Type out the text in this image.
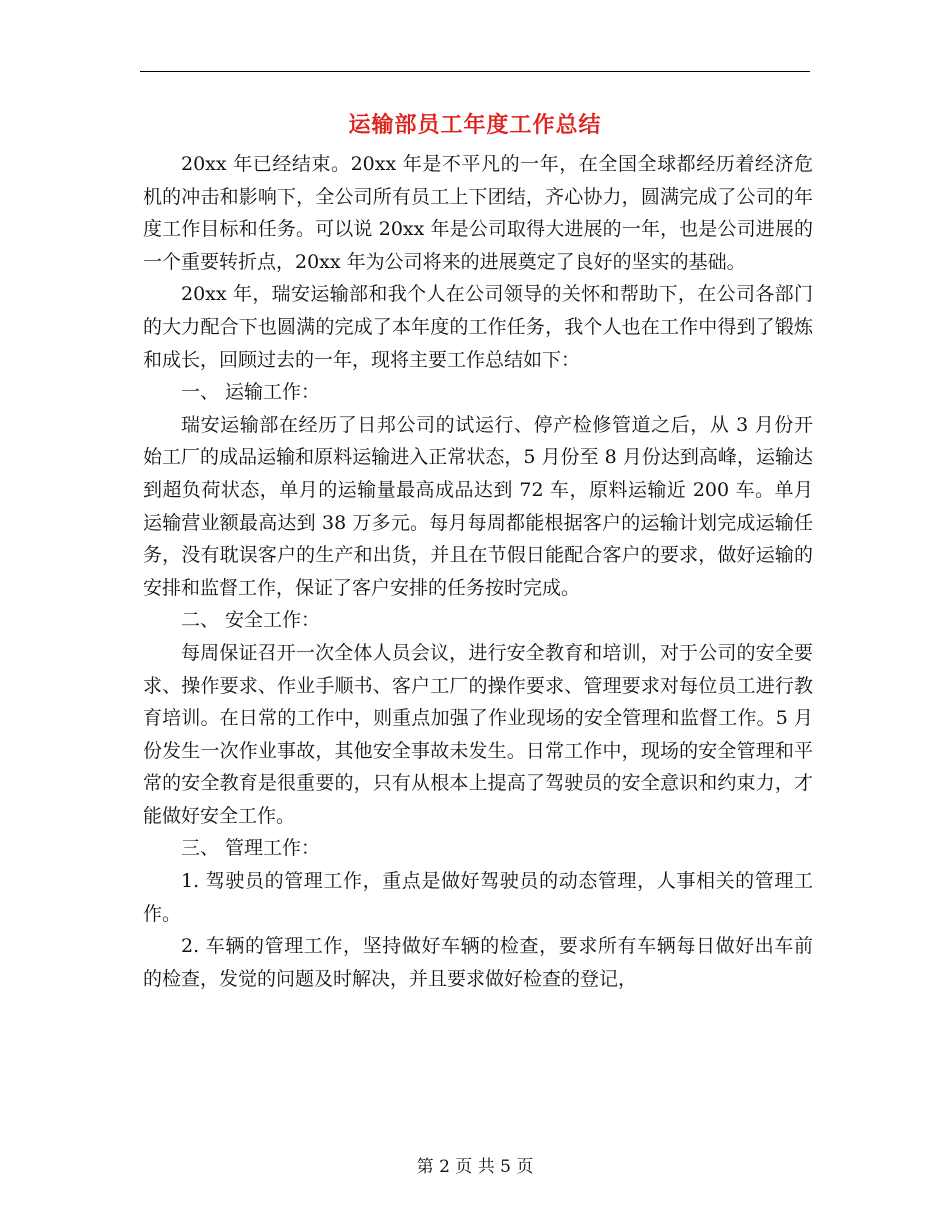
运输部员工年度工作总结

20xx 年已经结束。20xx 年是不平凡的一年，在全国全球都经历着经济危机的冲击和影响下，全公司所有员工上下团结，齐心协力，圆满完成了公司的年度工作目标和任务。可以说 20xx 年是公司取得大进展的一年，也是公司进展的一个重要转折点，20xx 年为公司将来的进展奠定了良好的坚实的基础。

20xx 年，瑞安运输部和我个人在公司领导的关怀和帮助下，在公司各部门的大力配合下也圆满的完成了本年度的工作任务，我个人也在工作中得到了锻炼和成长，回顾过去的一年，现将主要工作总结如下：

一、 运输工作：

瑞安运输部在经历了日邦公司的试运行、停产检修管道之后，从 3 月份开始工厂的成品运输和原料运输进入正常状态，5 月份至 8 月份达到高峰，运输达到超负荷状态，单月的运输量最高成品达到 72 车，原料运输近 200 车。单月运输营业额最高达到 38 万多元。每月每周都能根据客户的运输计划完成运输任务，没有耽误客户的生产和出货，并且在节假日能配合客户的要求，做好运输的安排和监督工作，保证了客户安排的任务按时完成。

二、 安全工作：

每周保证召开一次全体人员会议，进行安全教育和培训，对于公司的安全要求、操作要求、作业手顺书、客户工厂的操作要求、管理要求对每位员工进行教育培训。在日常的工作中，则重点加强了作业现场的安全管理和监督工作。5 月份发生一次作业事故，其他安全事故未发生。日常工作中，现场的安全管理和平常的安全教育是很重要的，只有从根本上提高了驾驶员的安全意识和约束力，才能做好安全工作。

三、 管理工作：

1. 驾驶员的管理工作，重点是做好驾驶员的动态管理，人事相关的管理工作。

2. 车辆的管理工作，坚持做好车辆的检查，要求所有车辆每日做好出车前的检查，发觉的问题及时解决，并且要求做好检查的登记，

第 2 页 共 5 页
